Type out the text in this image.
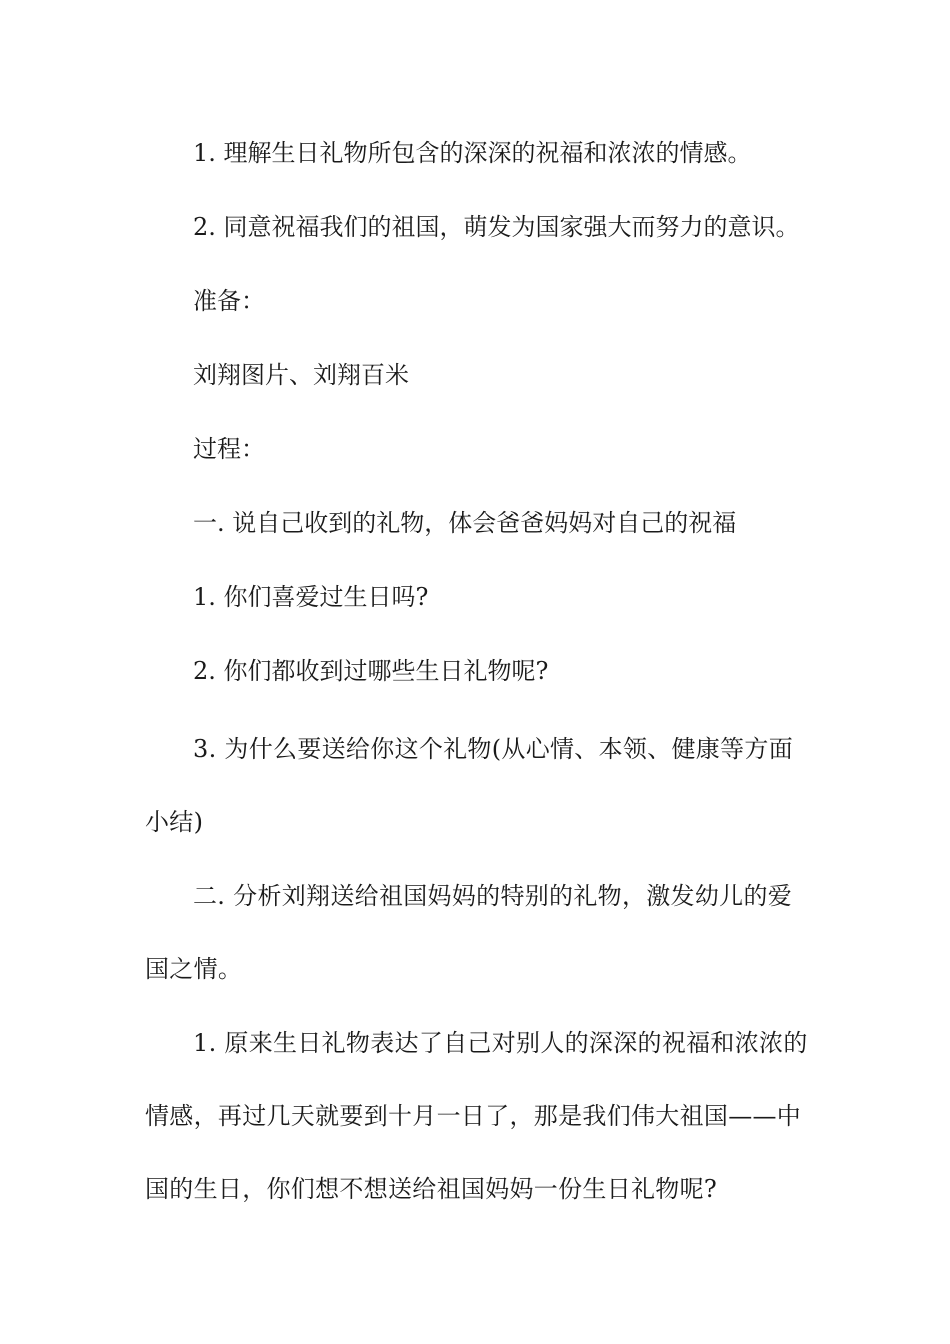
1. 理解生日礼物所包含的深深的祝福和浓浓的情感。
2. 同意祝福我们的祖国，萌发为国家强大而努力的意识。
准备：
刘翔图片、刘翔百米
过程：
一. 说自己收到的礼物，体会爸爸妈妈对自己的祝福
1. 你们喜爱过生日吗?
2. 你们都收到过哪些生日礼物呢?
3. 为什么要送给你这个礼物(从心情、本领、健康等方面小结)
二. 分析刘翔送给祖国妈妈的特别的礼物，激发幼儿的爱国之情。
1. 原来生日礼物表达了自己对别人的深深的祝福和浓浓的情感，再过几天就要到十月一日了，那是我们伟大祖国——中国的生日，你们想不想送给祖国妈妈一份生日礼物呢?
